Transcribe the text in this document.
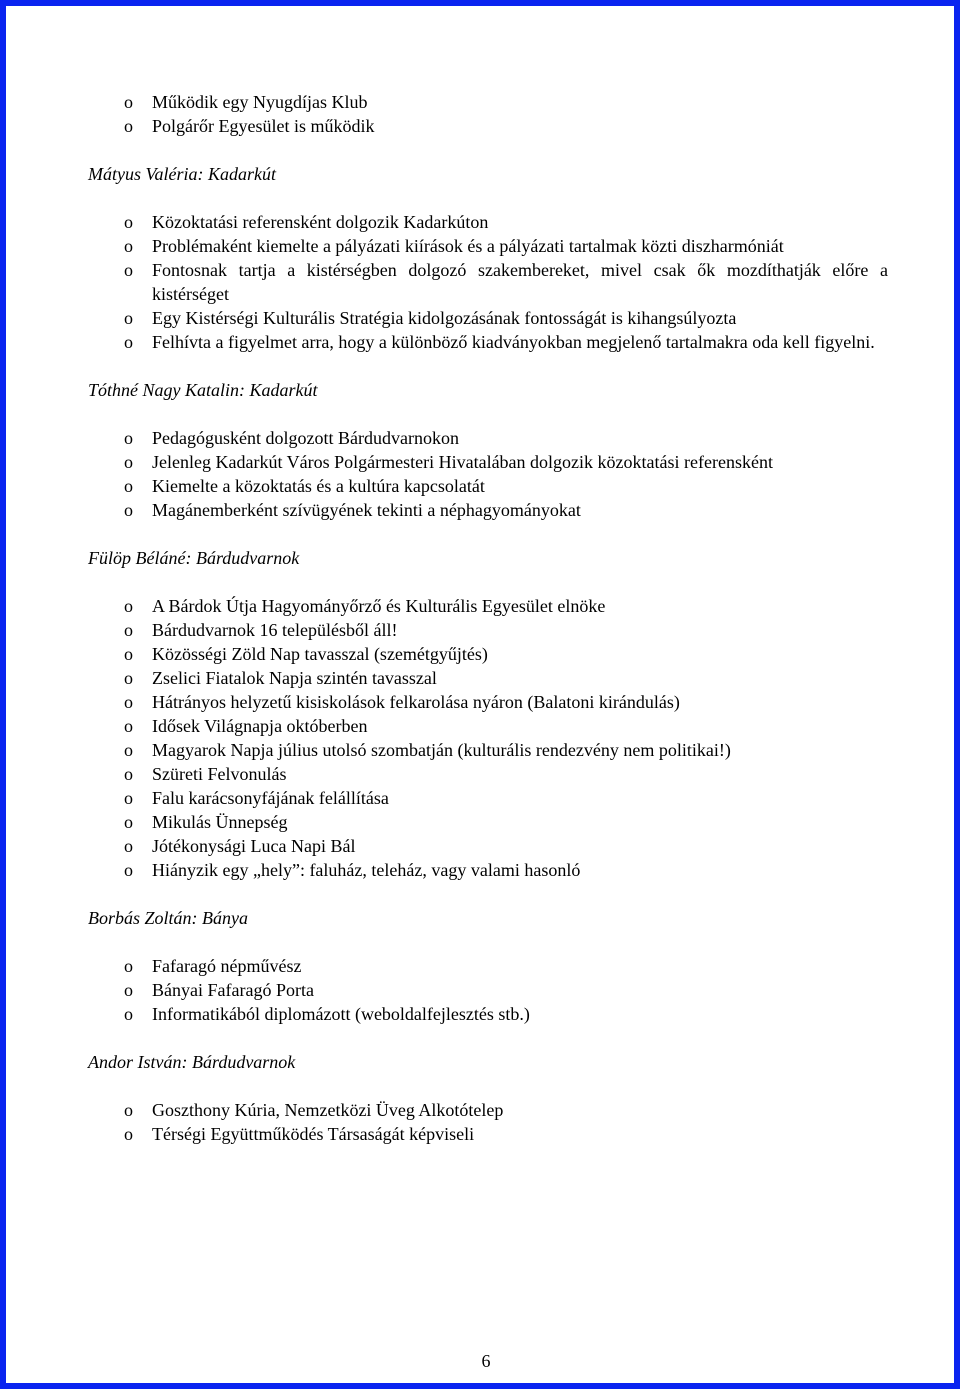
o Működik egy Nyugdíjas Klub
o Polgárőr Egyesület is működik
Mátyus Valéria: Kadarkút
o Közoktatási referensként dolgozik Kadarkúton
o Problémaként kiemelte a pályázati kiírások és a pályázati tartalmak közti diszharmóniát
o Fontosnak tartja a kistérségben dolgozó szakembereket, mivel csak ők mozdíthatják előre a kistérséget
o Egy Kistérségi Kulturális Stratégia kidolgozásának fontosságát is kihangsúlyozta
o Felhívta a figyelmet arra, hogy a különböző kiadványokban megjelenő tartalmakra oda kell figyelni.
Tóthné Nagy Katalin: Kadarkút
o Pedagógusként dolgozott Bárdudvarnokon
o Jelenleg Kadarkút Város Polgármesteri Hivatalában dolgozik közoktatási referensként
o Kiemelte a közoktatás és a kultúra kapcsolatát
o Magánemberként szívügyének tekinti a néphagyományokat
Fülöp Béláné: Bárdudvarnok
o A Bárdok Útja Hagyományőrző és Kulturális Egyesület elnöke
o Bárdudvarnok 16 településből áll!
o Közösségi Zöld Nap tavasszal (szemétgyűjtés)
o Zselici Fiatalok Napja szintén tavasszal
o Hátrányos helyzetű kisiskolások felkarolása nyáron (Balatoni kirándulás)
o Idősek Világnapja októberben
o Magyarok Napja július utolsó szombatján (kulturális rendezvény nem politikai!)
o Szüreti Felvonulás
o Falu karácsonyfájának felállítása
o Mikulás Ünnepség
o Jótékonysági Luca Napi Bál
o Hiányzik egy „hely”: faluház, teleház, vagy valami hasonló
Borbás Zoltán: Bánya
o Fafaragó népművész
o Bányai Fafaragó Porta
o Informatikából diplomázott (weboldalfejlesztés stb.)
Andor István: Bárdudvarnok
o Goszthony Kúria, Nemzetközi Üveg Alkotótelep
o Térségi Együttműködés Társaságát képviseli
6
